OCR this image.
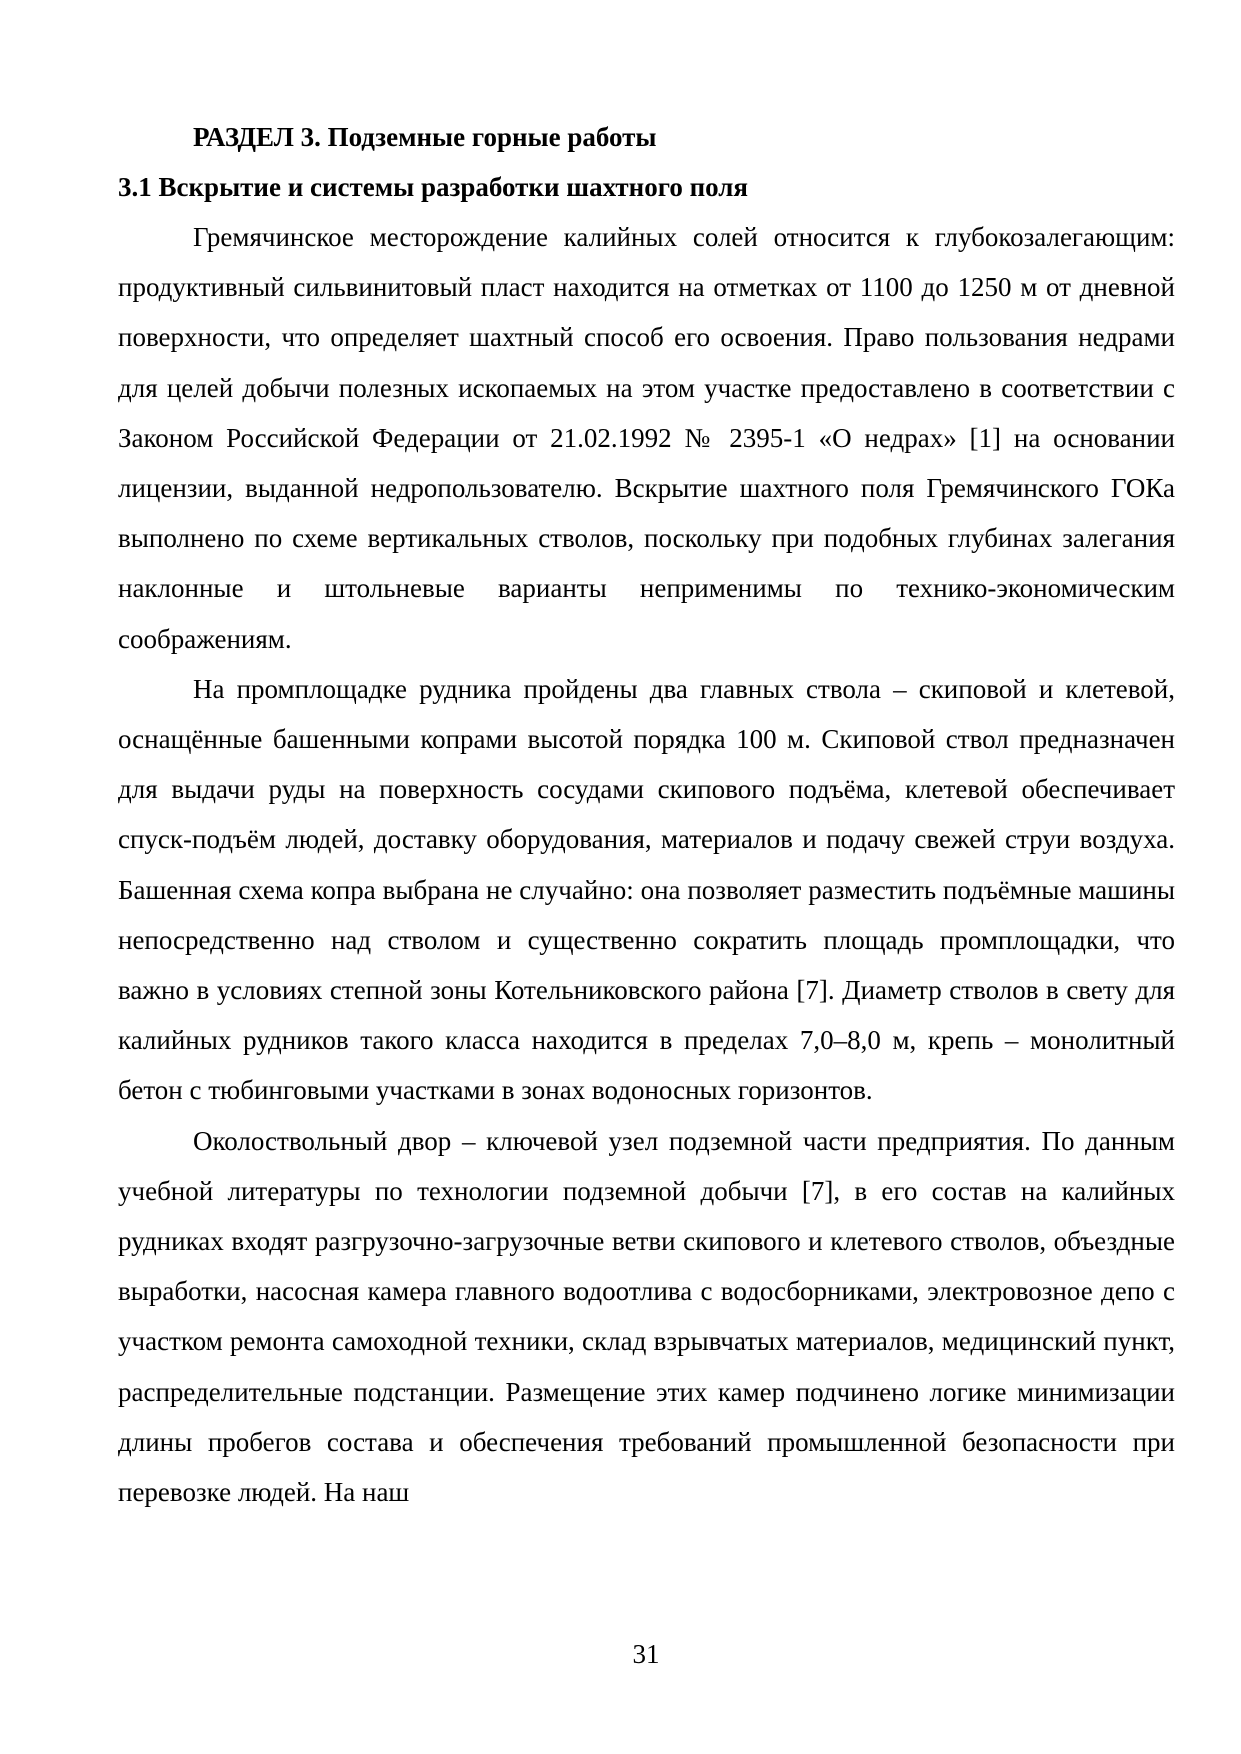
РАЗДЕЛ 3. Подземные горные работы
3.1 Вскрытие и системы разработки шахтного поля

Гремячинское месторождение калийных солей относится к глубокозалегающим: продуктивный сильвинитовый пласт находится на отметках от 1100 до 1250 м от дневной поверхности, что определяет шахтный способ его освоения. Право пользования недрами для целей добычи полезных ископаемых на этом участке предоставлено в соответствии с Законом Российской Федерации от 21.02.1992 № 2395-1 «О недрах» [1] на основании лицензии, выданной недропользователю. Вскрытие шахтного поля Гремячинского ГОКа выполнено по схеме вертикальных стволов, поскольку при подобных глубинах залегания наклонные и штольневые варианты неприменимы по технико-экономическим соображениям.

На промплощадке рудника пройдены два главных ствола – скиповой и клетевой, оснащённые башенными копрами высотой порядка 100 м. Скиповой ствол предназначен для выдачи руды на поверхность сосудами скипового подъёма, клетевой обеспечивает спуск-подъём людей, доставку оборудования, материалов и подачу свежей струи воздуха. Башенная схема копра выбрана не случайно: она позволяет разместить подъёмные машины непосредственно над стволом и существенно сократить площадь промплощадки, что важно в условиях степной зоны Котельниковского района [7]. Диаметр стволов в свету для калийных рудников такого класса находится в пределах 7,0–8,0 м, крепь – монолитный бетон с тюбинговыми участками в зонах водоносных горизонтов.

Околоствольный двор – ключевой узел подземной части предприятия. По данным учебной литературы по технологии подземной добычи [7], в его состав на калийных рудниках входят разгрузочно-загрузочные ветви скипового и клетевого стволов, объездные выработки, насосная камера главного водоотлива с водосборниками, электровозное депо с участком ремонта самоходной техники, склад взрывчатых материалов, медицинский пункт, распределительные подстанции. Размещение этих камер подчинено логике минимизации длины пробегов состава и обеспечения требований промышленной безопасности при перевозке людей. На наш

31
